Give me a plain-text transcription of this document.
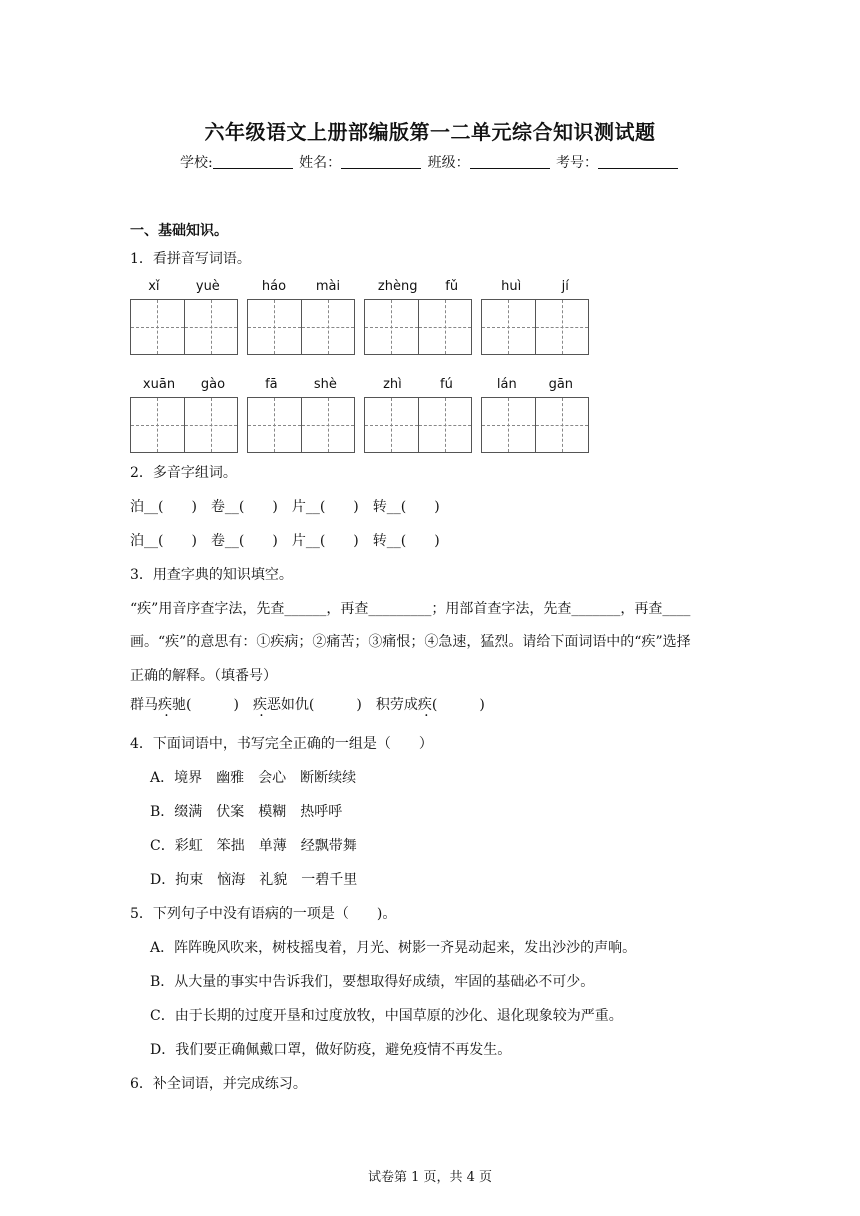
六年级语文上册部编版第一二单元综合知识测试题
学校:	姓名：	班级：	考号：
一、基础知识。
1．看拼音写词语。
xǐ	yuè	háo mài	zhèng fǔ	huì	jí
xuān gào	fā	shè	zhì	fú	lán gān
2．多音字组词。
泊__(　　)　卷__(　　)　片__(　　)　转__(　　)
泊__(　　)　卷__(　　)　片__(　　)　转__(　　)
3．用查字典的知识填空。
“疾”用音序查字法，先查______，再查_________；用部首查字法，先查_______，再查____
画。“疾”的意思有：①疾病；②痛苦；③痛恨；④急速，猛烈。请给下面词语中的“疾”选择
正确的解释。（填番号）
群马疾驰(　　　)　 疾恶如仇(　　　)　 积劳成疾(　　　)
4．下面词语中，书写完全正确的一组是（　　）
A．境界　幽雅　会心　断断续续
B．缀满　伏案　模糊　热呼呼
C．彩虹　笨拙　单薄　经飘带舞
D．拘束　恼海　礼貌　一碧千里
5．下列句子中没有语病的一项是（　　)。
A．阵阵晚风吹来，树枝摇曳着，月光、树影一齐晃动起来，发出沙沙的声响。
B．从大量的事实中告诉我们，要想取得好成绩，牢固的基础必不可少。
C．由于长期的过度开垦和过度放牧，中国草原的沙化、退化现象较为严重。
D．我们要正确佩戴口罩，做好防疫，避免疫情不再发生。
6．补全词语，并完成练习。
试卷第 1 页，共 4 页
